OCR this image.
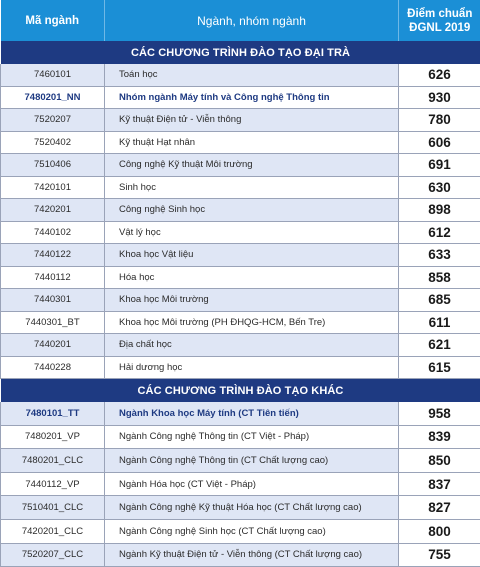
Mã ngành	Ngành, nhóm ngành	Điểm chuẩn ĐGNL 2019
CÁC CHƯƠNG TRÌNH ĐÀO TẠO ĐẠI TRÀ		
7460101	Toán học	626
7480201_NN	Nhóm ngành Máy tính và Công nghệ Thông tin	930
7520207	Kỹ thuật Điện tử - Viễn thông	780
7520402	Kỹ thuật Hạt nhân	606
7510406	Công nghệ Kỹ thuật Môi trường	691
7420101	Sinh học	630
7420201	Công nghệ Sinh học	898
7440102	Vật lý học	612
7440122	Khoa học Vật liệu	633
7440112	Hóa học	858
7440301	Khoa học Môi trường	685
7440301_BT	Khoa học Môi trường (PH ĐHQG-HCM, Bến Tre)	611
7440201	Địa chất học	621
7440228	Hải dương học	615
CÁC CHƯƠNG TRÌNH ĐÀO TẠO KHÁC		
7480101_TT	Ngành Khoa học Máy tính (CT Tiên tiến)	958
7480201_VP	Ngành Công nghệ Thông tin (CT Việt - Pháp)	839
7480201_CLC	Ngành Công nghệ Thông tin (CT Chất lượng cao)	850
7440112_VP	Ngành Hóa học (CT Việt - Pháp)	837
7510401_CLC	Ngành Công nghệ Kỹ thuật Hóa học (CT Chất lượng cao)	827
7420201_CLC	Ngành Công nghệ Sinh học (CT Chất lượng cao)	800
7520207_CLC	Ngành Kỹ thuật Điện tử - Viễn thông (CT Chất lượng cao)	755
